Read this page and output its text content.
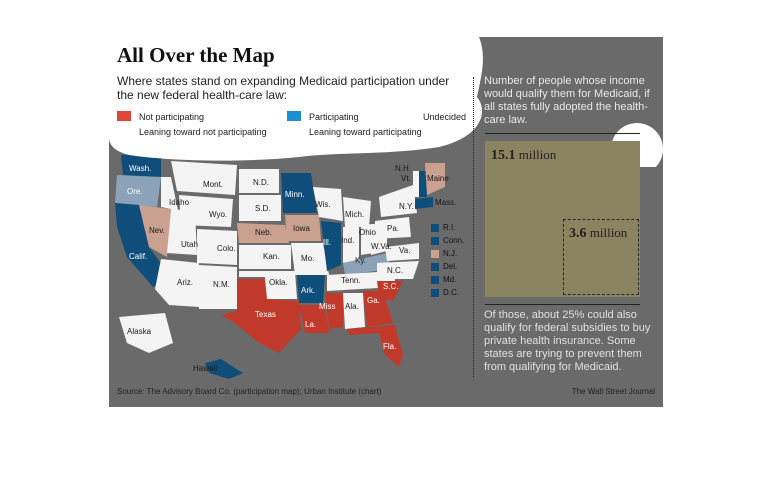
Wash.
Ore.
Calif.
Nev.
Idaho
Mont.
Wyo.
Utah Colo.
Ariz.	N.M.
N.D.
S.D.
Neb.
Kan.
Okla.
Texas
Minn.
Iowa
Mo.
Ark.
La.
Wis.
Ill.
Mich.
Ind.
Ohio
Ky.
Tenn.
Miss Ala.
Ga.
Fla.
S.C.
N.C.
Va.
W.Va.
Pa.
N.Y.
N.H.
Vt. Maine
Mass.
Alaska
Hawaii
R.I.
Conn.
N.J.
Del.
Md.
D.C.
All Over the Map
Where states stand on expanding Medicaid participation under the new federal health-care law:
Not participating
Leaning toward not participating
Participating
Leaning toward participating
Undecided
Number of people whose income would qualify them for Medicaid, if all states fully adopted the health-care law.
15.1 million
3.6 million
Of those, about 25% could also qualify for federal subsidies to buy private health insurance. Some states are trying to prevent them from qualifying for Medicaid.
Source: The Advisory Board Co. (participation map); Urban Institute (chart)	The Wall Street Journal
